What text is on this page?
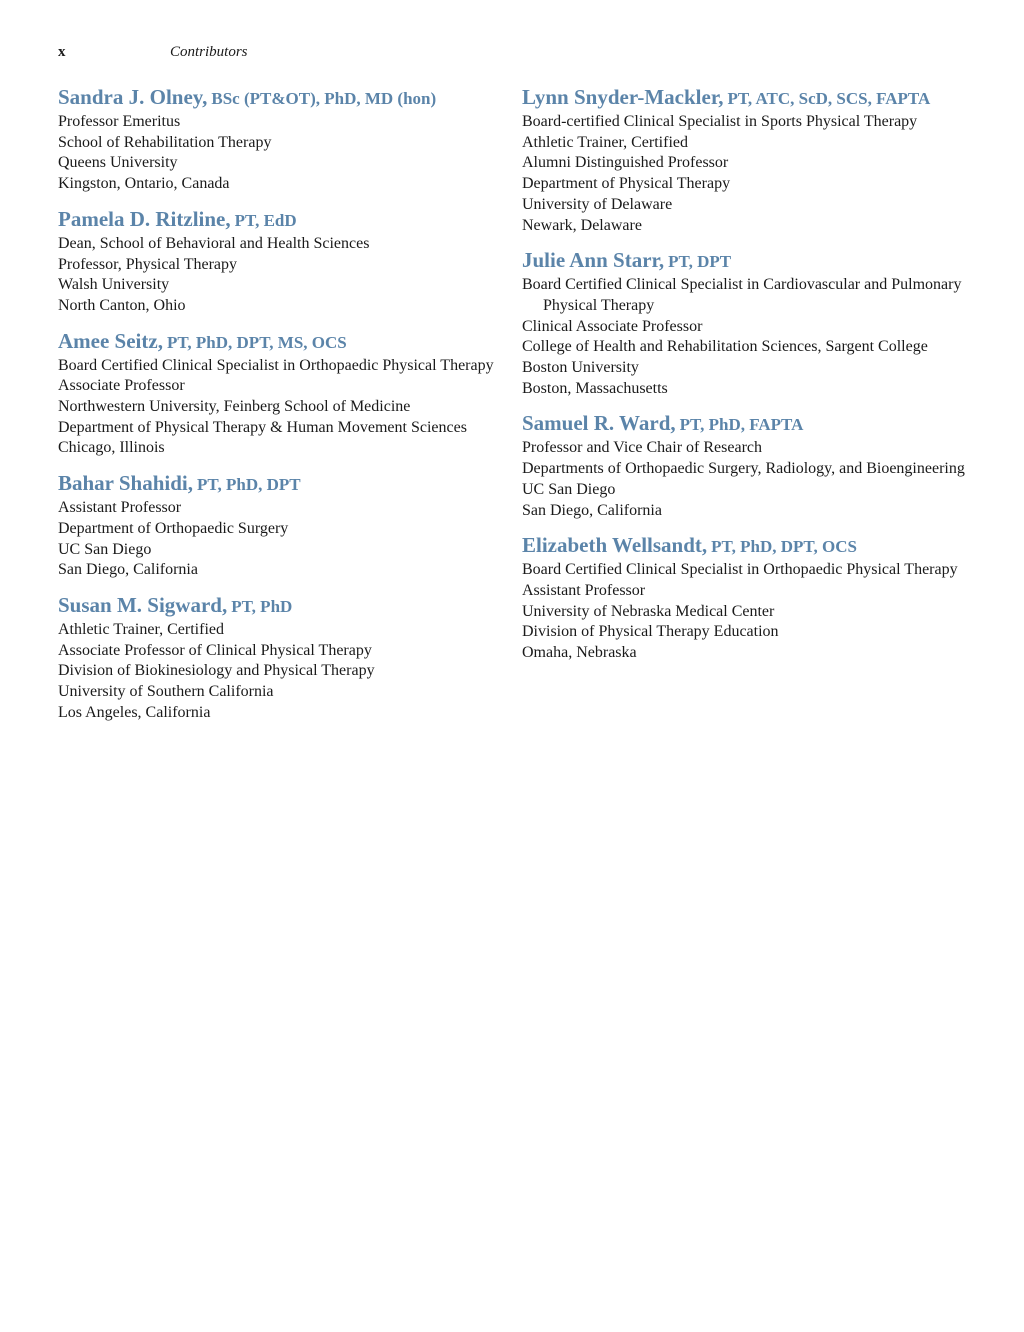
x	Contributors
Sandra J. Olney, BSc (PT&OT), PhD, MD (hon)
Professor Emeritus
School of Rehabilitation Therapy
Queens University
Kingston, Ontario, Canada
Pamela D. Ritzline, PT, EdD
Dean, School of Behavioral and Health Sciences
Professor, Physical Therapy
Walsh University
North Canton, Ohio
Amee Seitz, PT, PhD, DPT, MS, OCS
Board Certified Clinical Specialist in Orthopaedic Physical Therapy
Associate Professor
Northwestern University, Feinberg School of Medicine
Department of Physical Therapy & Human Movement Sciences
Chicago, Illinois
Bahar Shahidi, PT, PhD, DPT
Assistant Professor
Department of Orthopaedic Surgery
UC San Diego
San Diego, California
Susan M. Sigward, PT, PhD
Athletic Trainer, Certified
Associate Professor of Clinical Physical Therapy
Division of Biokinesiology and Physical Therapy
University of Southern California
Los Angeles, California
Lynn Snyder-Mackler, PT, ATC, ScD, SCS, FAPTA
Board-certified Clinical Specialist in Sports Physical Therapy
Athletic Trainer, Certified
Alumni Distinguished Professor
Department of Physical Therapy
University of Delaware
Newark, Delaware
Julie Ann Starr, PT, DPT
Board Certified Clinical Specialist in Cardiovascular and Pulmonary Physical Therapy
Clinical Associate Professor
College of Health and Rehabilitation Sciences, Sargent College
Boston University
Boston, Massachusetts
Samuel R. Ward, PT, PhD, FAPTA
Professor and Vice Chair of Research
Departments of Orthopaedic Surgery, Radiology, and Bioengineering
UC San Diego
San Diego, California
Elizabeth Wellsandt, PT, PhD, DPT, OCS
Board Certified Clinical Specialist in Orthopaedic Physical Therapy
Assistant Professor
University of Nebraska Medical Center
Division of Physical Therapy Education
Omaha, Nebraska
